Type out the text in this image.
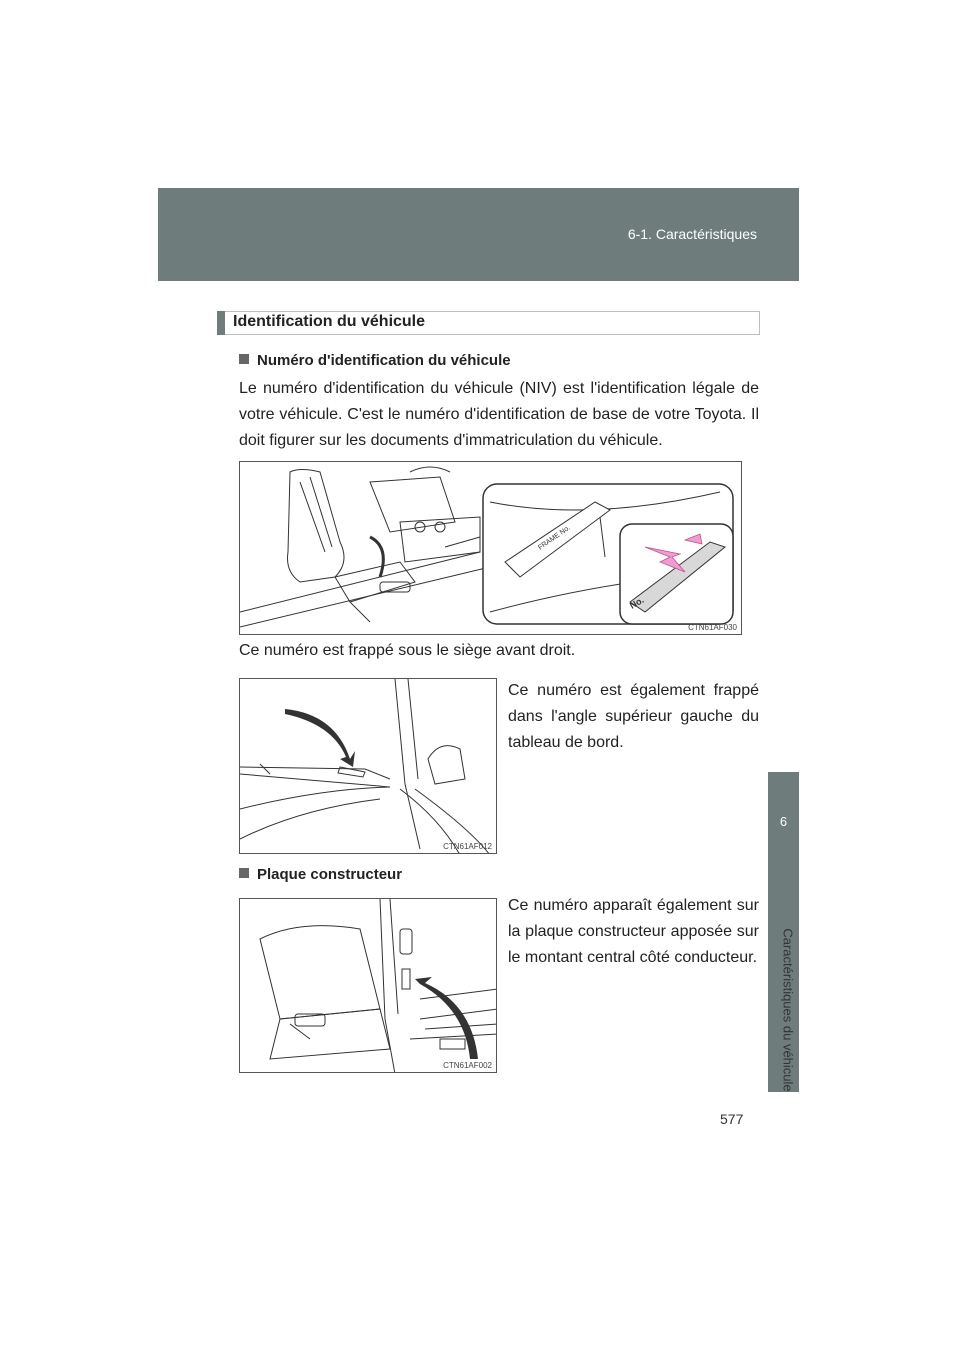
6-1. Caractéristiques
6
Caractéristiques du véhicule
Identification du véhicule
Numéro d'identification du véhicule
Le numéro d'identification du véhicule (NIV) est l'identification légale de votre véhicule. C'est le numéro d'identification de base de votre Toyota. Il doit figurer sur les documents d'immatriculation du véhicule.
FRAME No.
No.
CTN61AF030
Ce numéro est frappé sous le siège avant droit.
CTN61AF012
Ce numéro est également frappé dans l'angle supérieur gauche du tableau de bord.
Plaque constructeur
CTN61AF002
Ce numéro apparaît également sur la plaque constructeur apposée sur le montant central côté conducteur.
577
